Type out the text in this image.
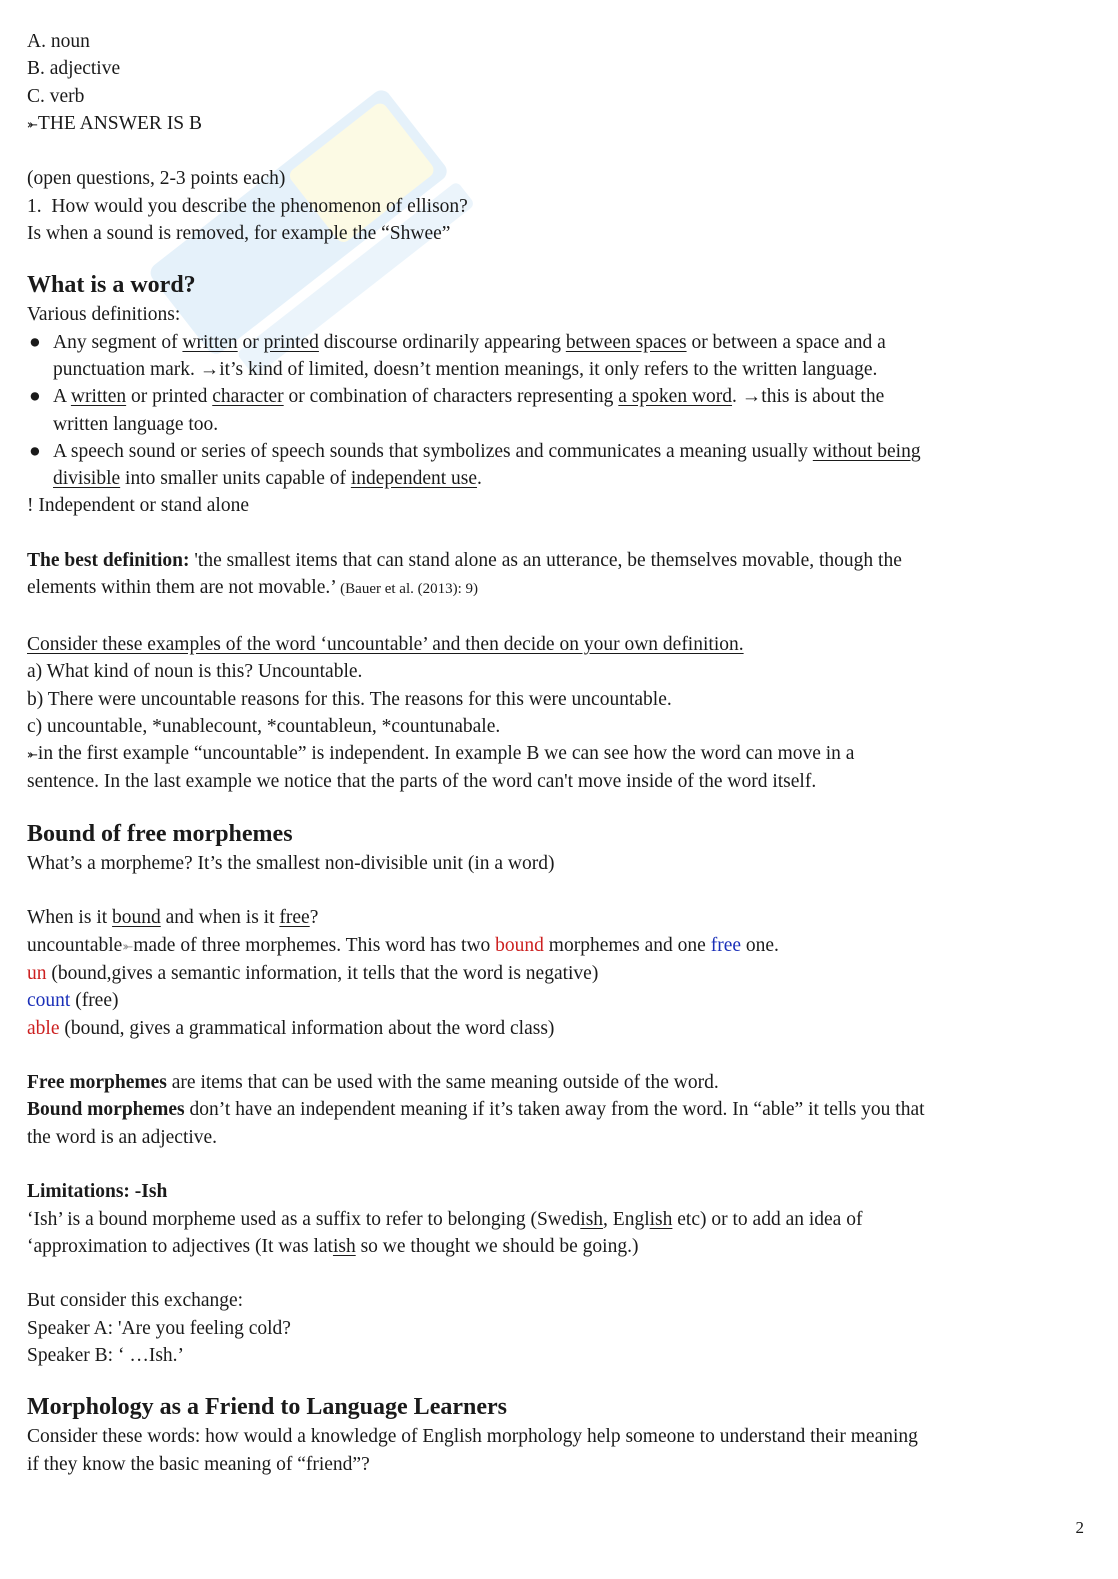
A. noun
B. adjective
C. verb
⤜THE ANSWER IS B
(open questions, 2-3 points each)
1. How would you describe the phenomenon of ellison?
Is when a sound is removed, for example the “Shwee”
What is a word?
Various definitions:
● Any segment of written or printed discourse ordinarily appearing between spaces or between a space and a
punctuation mark. →it’s kind of limited, doesn’t mention meanings, it only refers to the written language.
● A written or printed character or combination of characters representing a spoken word. →this is about the
written language too.
● A speech sound or series of speech sounds that symbolizes and communicates a meaning usually without being
divisible into smaller units capable of independent use.
! Independent or stand alone
The best definition: 'the smallest items that can stand alone as an utterance, be themselves movable, though the
elements within them are not movable.’ (Bauer et al. (2013): 9)
Consider these examples of the word ‘uncountable’ and then decide on your own definition.
a) What kind of noun is this? Uncountable.
b) There were uncountable reasons for this. The reasons for this were uncountable.
c) uncountable, *unablecount, *countableun, *countunabale.
⤜in the first example “uncountable” is independent. In example B we can see how the word can move in a
sentence. In the last example we notice that the parts of the word can't move inside of the word itself.
Bound of free morphemes
What’s a morpheme? It’s the smallest non-divisible unit (in a word)
When is it bound and when is it free?
uncountable⤜made of three morphemes. This word has two bound morphemes and one free one.
un (bound,gives a semantic information, it tells that the word is negative)
count (free)
able (bound, gives a grammatical information about the word class)
Free morphemes are items that can be used with the same meaning outside of the word.
Bound morphemes don’t have an independent meaning if it’s taken away from the word. In “able” it tells you that
the word is an adjective.
Limitations: -Ish
‘Ish’ is a bound morpheme used as a suffix to refer to belonging (Swedish, English etc) or to add an idea of
‘approximation to adjectives (It was latish so we thought we should be going.)
But consider this exchange:
Speaker A: 'Are you feeling cold?
Speaker B: ‘ …Ish.’
Morphology as a Friend to Language Learners
Consider these words: how would a knowledge of English morphology help someone to understand their meaning
if they know the basic meaning of “friend”?
2
